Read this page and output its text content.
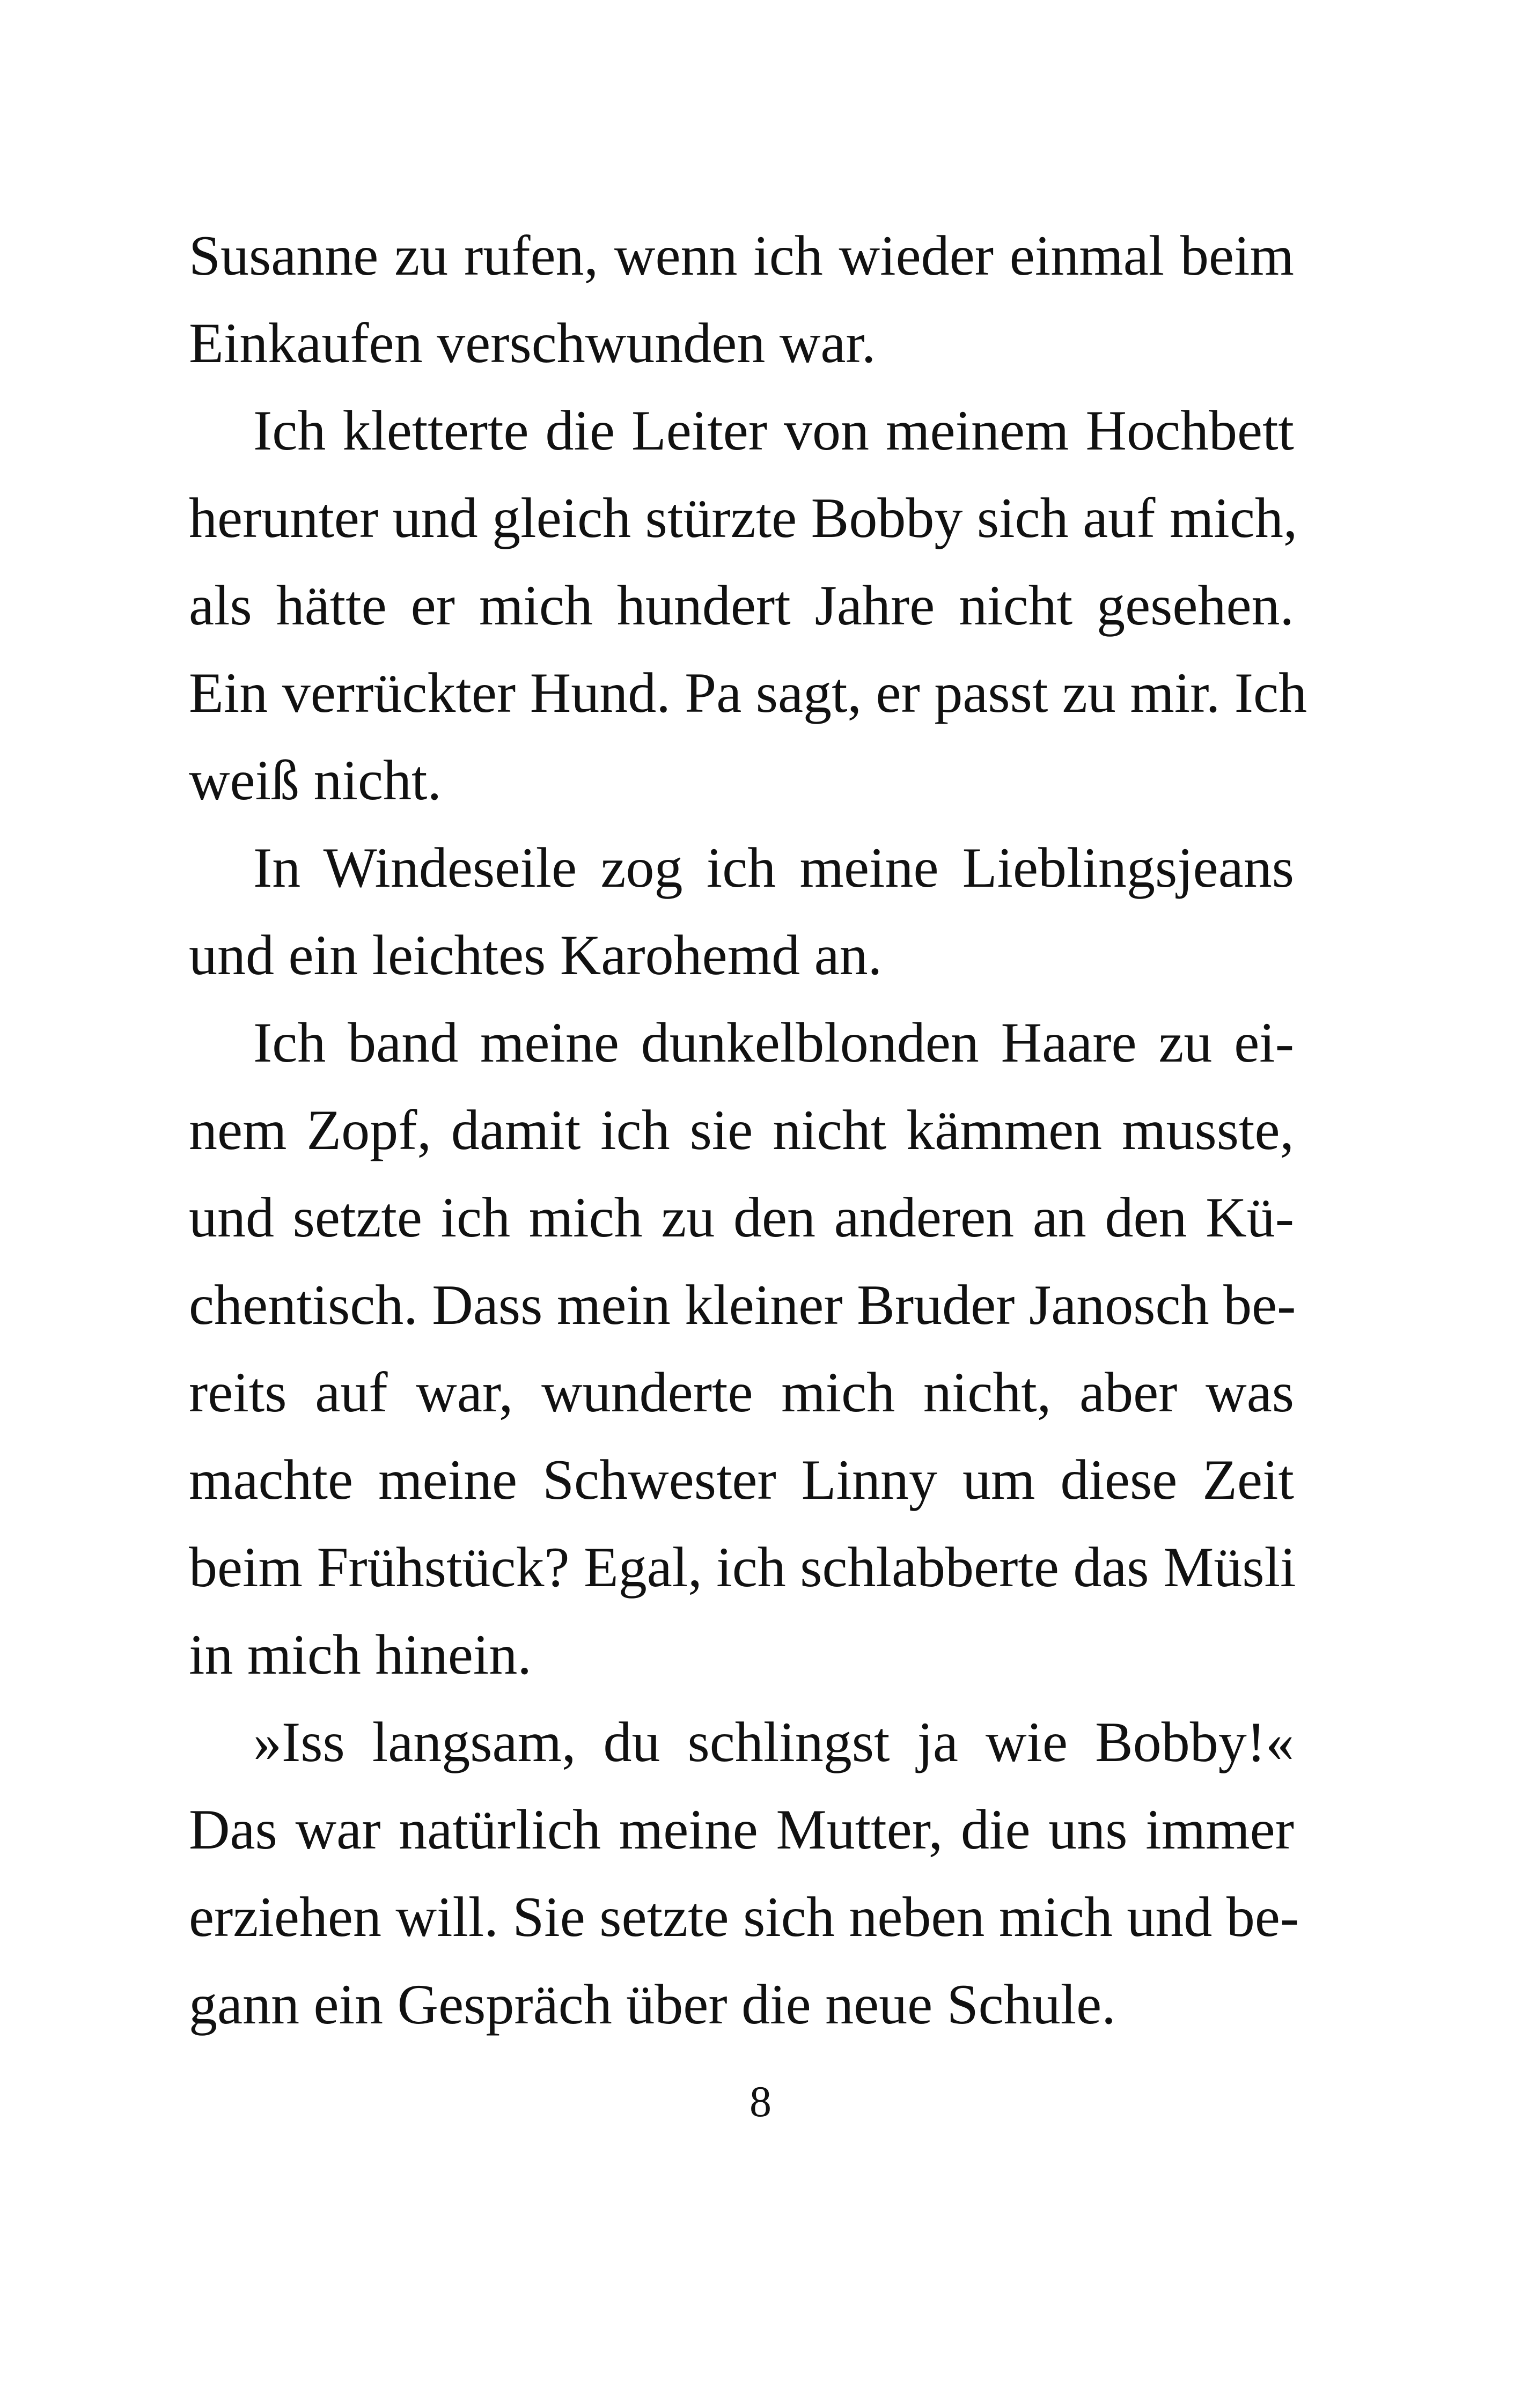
Susanne zu rufen, wenn ich wieder einmal beim
Einkaufen verschwunden war.

Ich kletterte die Leiter von meinem Hochbett
herunter und gleich stürzte Bobby sich auf mich,
als hätte er mich hundert Jahre nicht gesehen.
Ein verrückter Hund. Pa sagt, er passt zu mir. Ich
weiß nicht.

In Windeseile zog ich meine Lieblingsjeans
und ein leichtes Karohemd an.

Ich band meine dunkelblonden Haare zu ei-
nem Zopf, damit ich sie nicht kämmen musste,
und setzte ich mich zu den anderen an den Kü-
chentisch. Dass mein kleiner Bruder Janosch be-
reits auf war, wunderte mich nicht, aber was
machte meine Schwester Linny um diese Zeit
beim Frühstück? Egal, ich schlabberte das Müsli
in mich hinein.

»Iss langsam, du schlingst ja wie Bobby!«
Das war natürlich meine Mutter, die uns immer
erziehen will. Sie setzte sich neben mich und be-
gann ein Gespräch über die neue Schule.

8
